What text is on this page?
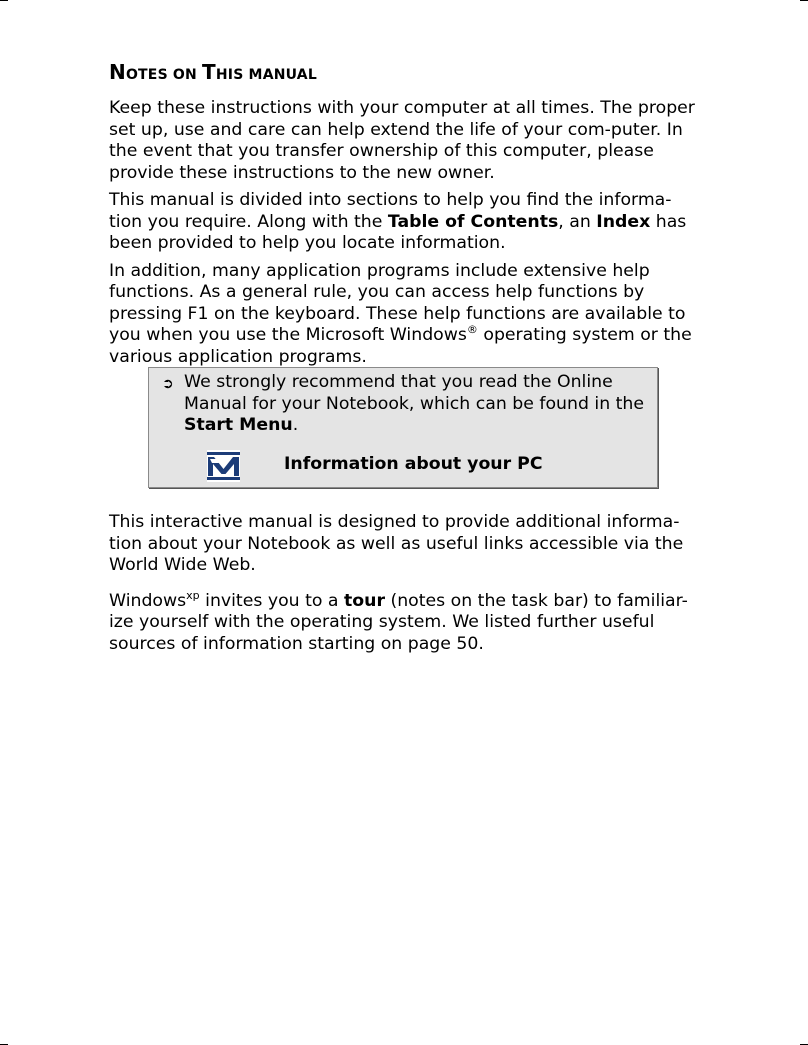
NOTES ON THIS MANUAL

Keep these instructions with your computer at all times. The proper set up, use and care can help extend the life of your com-puter. In the event that you transfer ownership of this computer, please provide these instructions to the new owner.

This manual is divided into sections to help you find the informa-tion you require. Along with the Table of Contents, an Index has been provided to help you locate information.

In addition, many application programs include extensive help functions. As a general rule, you can access help functions by pressing F1 on the keyboard. These help functions are available to you when you use the Microsoft Windows® operating system or the various application programs.

➲ We strongly recommend that you read the Online Manual for your Notebook, which can be found in the Start Menu.
Information about your PC

This interactive manual is designed to provide additional informa-tion about your Notebook as well as useful links accessible via the World Wide Web.

Windows$^{xp}$ invites you to a tour (notes on the task bar) to familiar-ize yourself with the operating system. We listed further useful sources of information starting on page 50.
